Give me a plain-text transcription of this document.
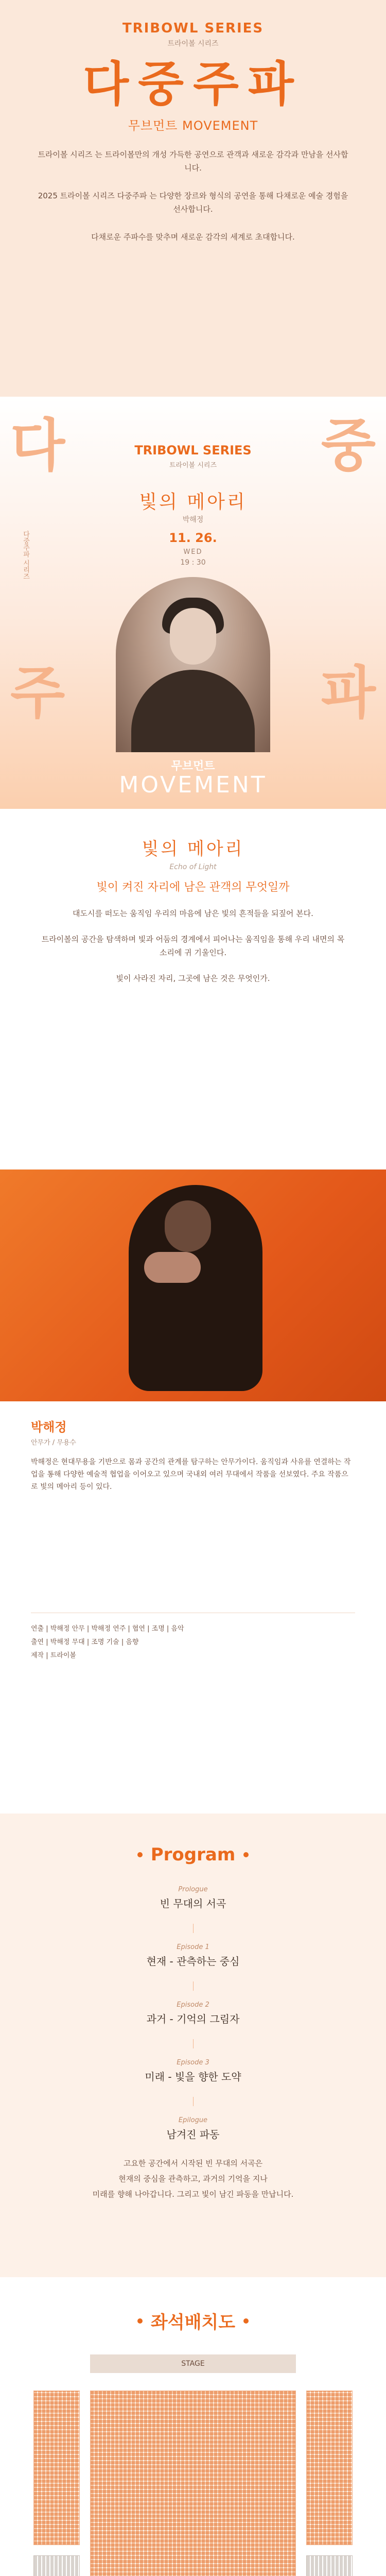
TRIBOWL SERIES
트라이볼 시리즈
다중주파
무브먼트 MOVEMENT
트라이볼 시리즈 는 트라이볼만의 개성 가득한 공연으로 관객과 새로운 감각과 만남을 선사합니다.
2025 트라이볼 시리즈 다중주파 는 다양한 장르와 형식의 공연을 통해 다채로운 예술 경험을 선사합니다.
다채로운 주파수를 맞추며 새로운 감각의 세계로 초대합니다.
다	중
주	파
TRIBOWL SERIES
트라이볼 시리즈
빛의 메아리
박해정
11. 26.
WED
19 : 30
다중주파 시리즈
무브먼트
MOVEMENT
빛의 메아리
Echo of Light
빛이 켜진 자리에 남은 관객의 무엇일까
대도시를 떠도는 움직임 우리의 마음에 남은 빛의 흔적들을 되짚어 본다.
트라이볼의 공간을 탐색하며 빛과 어둠의 경계에서 피어나는 움직임을 통해 우리 내면의 목소리에 귀 기울인다.
빛이 사라진 자리, 그곳에 남은 것은 무엇인가.
박해정
안무가 / 무용수
박해정은 현대무용을 기반으로 몸과 공간의 관계를 탐구하는 안무가이다. 움직임과 사유를 연결하는 작업을 통해 다양한 예술적 협업을 이어오고 있으며 국내외 여러 무대에서 작품을 선보였다. 주요 작품으로 빛의 메아리 등이 있다.
연출 | 박해정 안무 | 박해정 연주 | 협연 | 조명 | 음악
출연 | 박해정 무대 | 조명 기술 | 음향
제작 | 트라이볼
Program
Prologue
빈 무대의 서곡
Episode 1
현재 - 관측하는 중심
Episode 2
과거 - 기억의 그림자
Episode 3
미래 - 빛을 향한 도약
Epilogue
남겨진 파동
고요한 공간에서 시작된 빈 무대의 서곡은
현재의 중심을 관측하고, 과거의 기억을 지나
미래를 향해 나아갑니다. 그리고 빛이 남긴 파동을 만납니다.
좌석배치도
STAGE
